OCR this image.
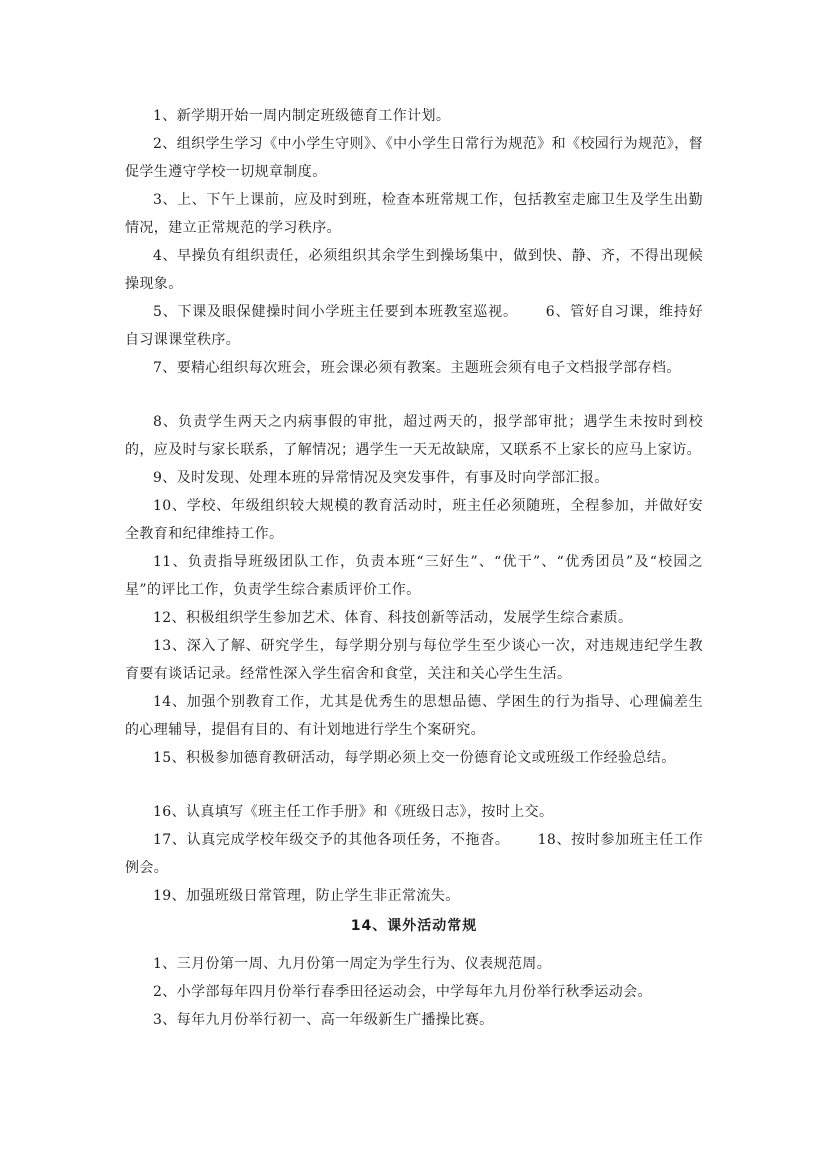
1、新学期开始一周内制定班级德育工作计划。

2、组织学生学习《中小学生守则》、《中小学生日常行为规范》和《校园行为规范》，督促学生遵守学校一切规章制度。

3、上、下午上课前，应及时到班，检查本班常规工作，包括教室走廊卫生及学生出勤情况，建立正常规范的学习秩序。

4、早操负有组织责任，必须组织其余学生到操场集中，做到快、静、齐，不得出现候操现象。

5、下课及眼保健操时间小学班主任要到本班教室巡视。 6、管好自习课，维持好自习课课堂秩序。

7、要精心组织每次班会，班会课必须有教案。主题班会须有电子文档报学部存档。

8、负责学生两天之内病事假的审批，超过两天的，报学部审批；遇学生未按时到校的，应及时与家长联系，了解情况；遇学生一天无故缺席，又联系不上家长的应马上家访。

9、及时发现、处理本班的异常情况及突发事件，有事及时向学部汇报。

10、学校、年级组织较大规模的教育活动时，班主任必须随班，全程参加，并做好安全教育和纪律维持工作。

11、负责指导班级团队工作，负责本班“三好生”、“优干”、“优秀团员”及“校园之星”的评比工作，负责学生综合素质评价工作。

12、积极组织学生参加艺术、体育、科技创新等活动，发展学生综合素质。

13、深入了解、研究学生，每学期分别与每位学生至少谈心一次，对违规违纪学生教育要有谈话记录。经常性深入学生宿舍和食堂，关注和关心学生生活。

14、加强个别教育工作，尤其是优秀生的思想品德、学困生的行为指导、心理偏差生的心理辅导，提倡有目的、有计划地进行学生个案研究。

15、积极参加德育教研活动，每学期必须上交一份德育论文或班级工作经验总结。

16、认真填写《班主任工作手册》和《班级日志》，按时上交。

17、认真完成学校年级交予的其他各项任务，不拖沓。 18、按时参加班主任工作例会。

19、加强班级日常管理，防止学生非正常流失。

14、课外活动常规

1、三月份第一周、九月份第一周定为学生行为、仪表规范周。

2、小学部每年四月份举行春季田径运动会，中学每年九月份举行秋季运动会。

3、每年九月份举行初一、高一年级新生广播操比赛。
